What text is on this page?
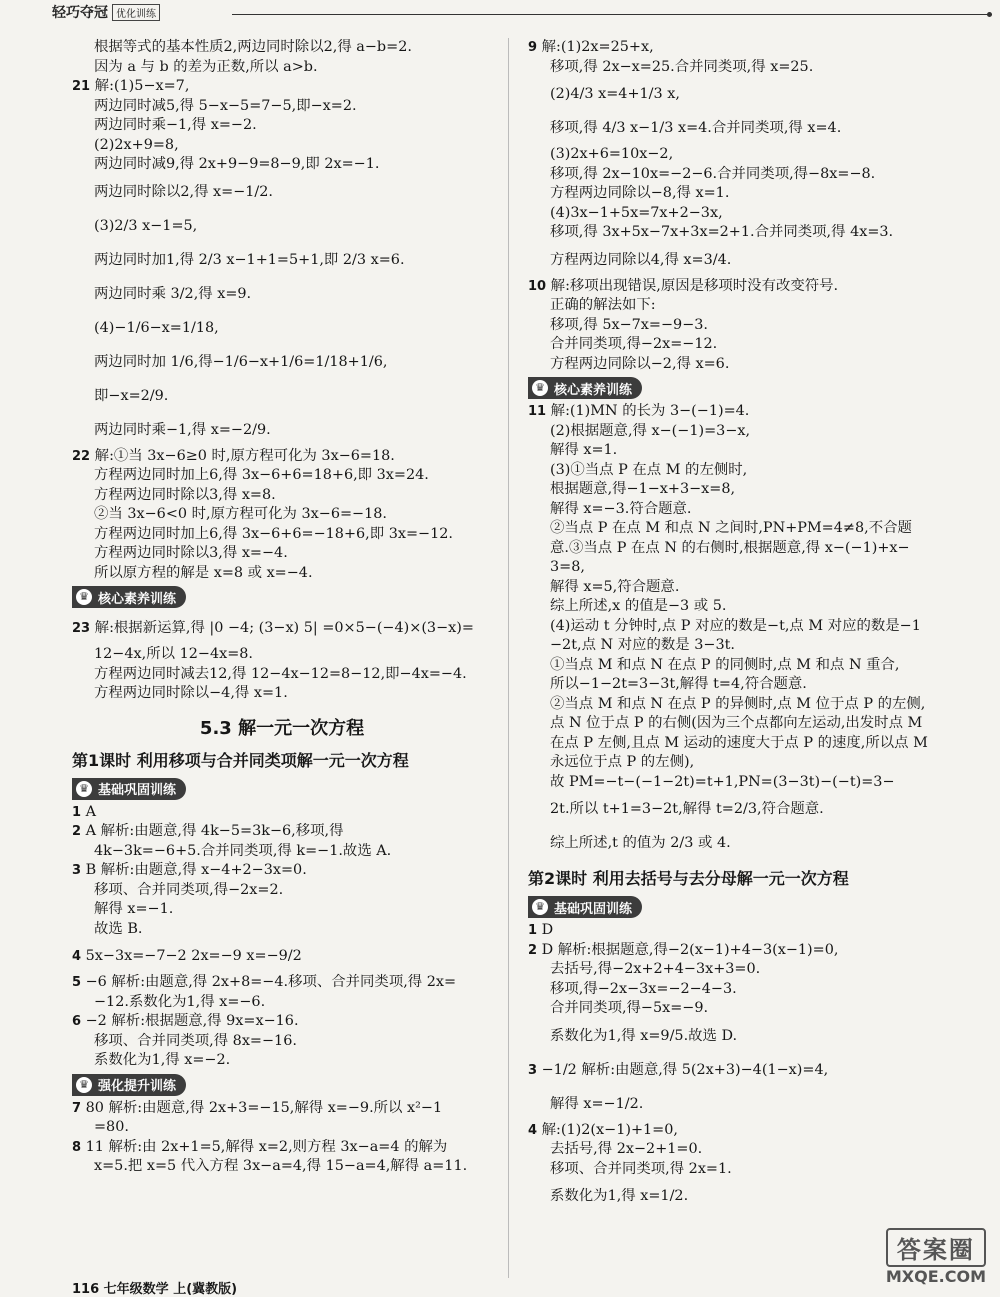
轻巧夺冠 优化训练
根据等式的基本性质2,两边同时除以2,得 a−b=2.
因为 a 与 b 的差为正数,所以 a>b.
21 解:(1)5−x=7,
两边同时减5,得 5−x−5=7−5,即−x=2.
两边同时乘−1,得 x=−2.
(2)2x+9=8,
两边同时减9,得 2x+9−9=8−9,即 2x=−1.
两边同时除以2,得 x=−1/2.
(3)2/3 x−1=5,
两边同时加1,得 2/3 x−1+1=5+1,即 2/3 x=6.
两边同时乘 3/2,得 x=9.
(4)−1/6−x=1/18,
两边同时加 1/6,得−1/6−x+1/6=1/18+1/6,
即−x=2/9.
两边同时乘−1,得 x=−2/9.
22 解:①当 3x−6≥0 时,原方程可化为 3x−6=18.
方程两边同时加上6,得 3x−6+6=18+6,即 3x=24.
方程两边同时除以3,得 x=8.
②当 3x−6<0 时,原方程可化为 3x−6=−18.
方程两边同时加上6,得 3x−6+6=−18+6,即 3x=−12.
方程两边同时除以3,得 x=−4.
所以原方程的解是 x=8 或 x=−4.
♛ 核心素养训练
23 解:根据新运算,得 |0 −4; (3−x) 5| =0×5−(−4)×(3−x)=
12−4x,所以 12−4x=8.
方程两边同时减去12,得 12−4x−12=8−12,即−4x=−4.
方程两边同时除以−4,得 x=1.
5.3 解一元一次方程
第1课时 利用移项与合并同类项解一元一次方程
♛ 基础巩固训练
1 A
2 A 解析:由题意,得 4k−5=3k−6,移项,得
4k−3k=−6+5.合并同类项,得 k=−1.故选 A.
3 B 解析:由题意,得 x−4+2−3x=0.
移项、合并同类项,得−2x=2.
解得 x=−1.
故选 B.
4 5x−3x=−7−2 2x=−9 x=−9/2
5 −6 解析:由题意,得 2x+8=−4.移项、合并同类项,得 2x=
−12.系数化为1,得 x=−6.
6 −2 解析:根据题意,得 9x=x−16.
移项、合并同类项,得 8x=−16.
系数化为1,得 x=−2.
♛ 强化提升训练
7 80 解析:由题意,得 2x+3=−15,解得 x=−9.所以 x²−1
=80.
8 11 解析:由 2x+1=5,解得 x=2,则方程 3x−a=4 的解为
x=5.把 x=5 代入方程 3x−a=4,得 15−a=4,解得 a=11.
9 解:(1)2x=25+x,
移项,得 2x−x=25.合并同类项,得 x=25.
(2)4/3 x=4+1/3 x,
移项,得 4/3 x−1/3 x=4.合并同类项,得 x=4.
(3)2x+6=10x−2,
移项,得 2x−10x=−2−6.合并同类项,得−8x=−8.
方程两边同除以−8,得 x=1.
(4)3x−1+5x=7x+2−3x,
移项,得 3x+5x−7x+3x=2+1.合并同类项,得 4x=3.
方程两边同除以4,得 x=3/4.
10 解:移项出现错误,原因是移项时没有改变符号.
正确的解法如下:
移项,得 5x−7x=−9−3.
合并同类项,得−2x=−12.
方程两边同除以−2,得 x=6.
♛ 核心素养训练
11 解:(1)MN 的长为 3−(−1)=4.
(2)根据题意,得 x−(−1)=3−x,
解得 x=1.
(3)①当点 P 在点 M 的左侧时,
根据题意,得−1−x+3−x=8,
解得 x=−3.符合题意.
②当点 P 在点 M 和点 N 之间时,PN+PM=4≠8,不合题
意.③当点 P 在点 N 的右侧时,根据题意,得 x−(−1)+x−
3=8,
解得 x=5,符合题意.
综上所述,x 的值是−3 或 5.
(4)运动 t 分钟时,点 P 对应的数是−t,点 M 对应的数是−1
−2t,点 N 对应的数是 3−3t.
①当点 M 和点 N 在点 P 的同侧时,点 M 和点 N 重合,
所以−1−2t=3−3t,解得 t=4,符合题意.
②当点 M 和点 N 在点 P 的异侧时,点 M 位于点 P 的左侧,
点 N 位于点 P 的右侧(因为三个点都向左运动,出发时点 M
在点 P 左侧,且点 M 运动的速度大于点 P 的速度,所以点 M
永远位于点 P 的左侧),
故 PM=−t−(−1−2t)=t+1,PN=(3−3t)−(−t)=3−
2t.所以 t+1=3−2t,解得 t=2/3,符合题意.
综上所述,t 的值为 2/3 或 4.
第2课时 利用去括号与去分母解一元一次方程
♛ 基础巩固训练
1 D
2 D 解析:根据题意,得−2(x−1)+4−3(x−1)=0,
去括号,得−2x+2+4−3x+3=0.
移项,得−2x−3x=−2−4−3.
合并同类项,得−5x=−9.
系数化为1,得 x=9/5.故选 D.
3 −1/2 解析:由题意,得 5(2x+3)−4(1−x)=4,
解得 x=−1/2.
4 解:(1)2(x−1)+1=0,
去括号,得 2x−2+1=0.
移项、合并同类项,得 2x=1.
系数化为1,得 x=1/2.
116 七年级数学 上(冀教版)
答案圈
MXQE.COM
